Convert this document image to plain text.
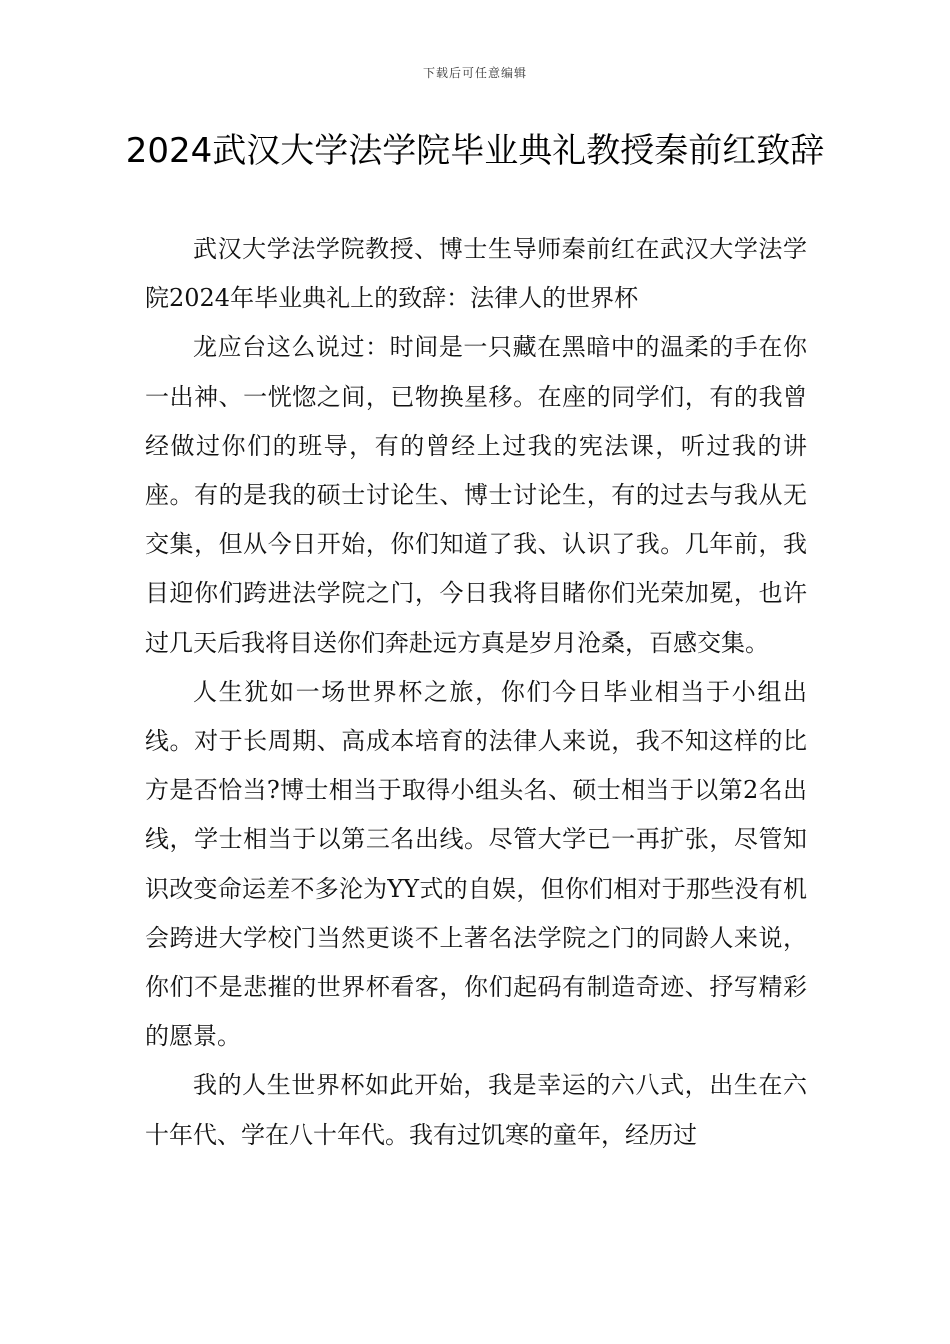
下载后可任意编辑
2024武汉大学法学院毕业典礼教授秦前红致辞

武汉大学法学院教授、博士生导师秦前红在武汉大学法学院2024年毕业典礼上的致辞：法律人的世界杯

龙应台这么说过：时间是一只藏在黑暗中的温柔的手在你一出神、一恍惚之间，已物换星移。在座的同学们，有的我曾经做过你们的班导，有的曾经上过我的宪法课，听过我的讲座。有的是我的硕士讨论生、博士讨论生，有的过去与我从无交集，但从今日开始，你们知道了我、认识了我。几年前，我目迎你们跨进法学院之门，今日我将目睹你们光荣加冕，也许过几天后我将目送你们奔赴远方真是岁月沧桑，百感交集。

人生犹如一场世界杯之旅，你们今日毕业相当于小组出线。对于长周期、高成本培育的法律人来说，我不知这样的比方是否恰当?博士相当于取得小组头名、硕士相当于以第2名出线，学士相当于以第三名出线。尽管大学已一再扩张，尽管知识改变命运差不多沦为YY式的自娱，但你们相对于那些没有机会跨进大学校门当然更谈不上著名法学院之门的同龄人来说，你们不是悲摧的世界杯看客，你们起码有制造奇迹、抒写精彩的愿景。

我的人生世界杯如此开始，我是幸运的六八式，出生在六十年代、学在八十年代。我有过饥寒的童年，经历过
